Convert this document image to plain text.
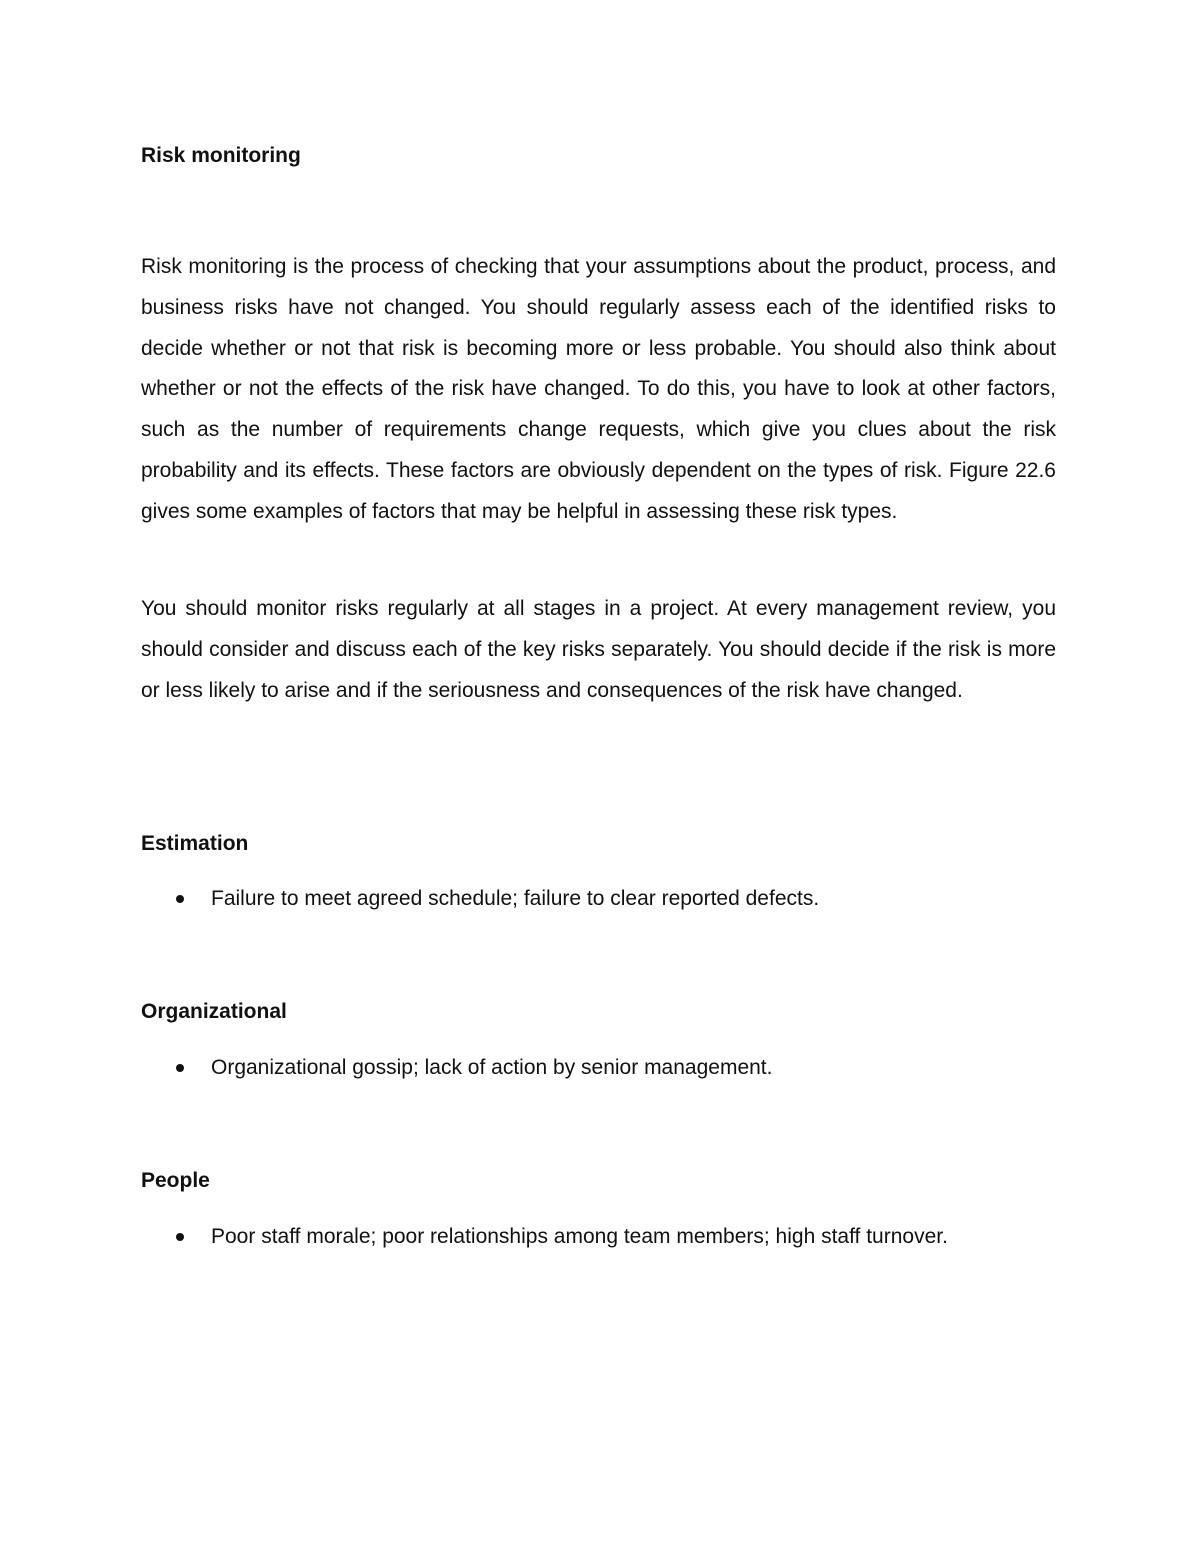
Risk monitoring
Risk monitoring is the process of checking that your assumptions about the product, process, and business risks have not changed. You should regularly assess each of the identified risks to decide whether or not that risk is becoming more or less probable. You should also think about whether or not the effects of the risk have changed. To do this, you have to look at other factors, such as the number of requirements change requests, which give you clues about the risk probability and its effects. These factors are obviously dependent on the types of risk. Figure 22.6 gives some examples of factors that may be helpful in assessing these risk types.
You should monitor risks regularly at all stages in a project. At every management review, you should consider and discuss each of the key risks separately. You should decide if the risk is more or less likely to arise and if the seriousness and consequences of the risk have changed.
Estimation
Failure to meet agreed schedule; failure to clear reported defects.
Organizational
Organizational gossip; lack of action by senior management.
People
Poor staff morale; poor relationships among team members; high staff turnover.
